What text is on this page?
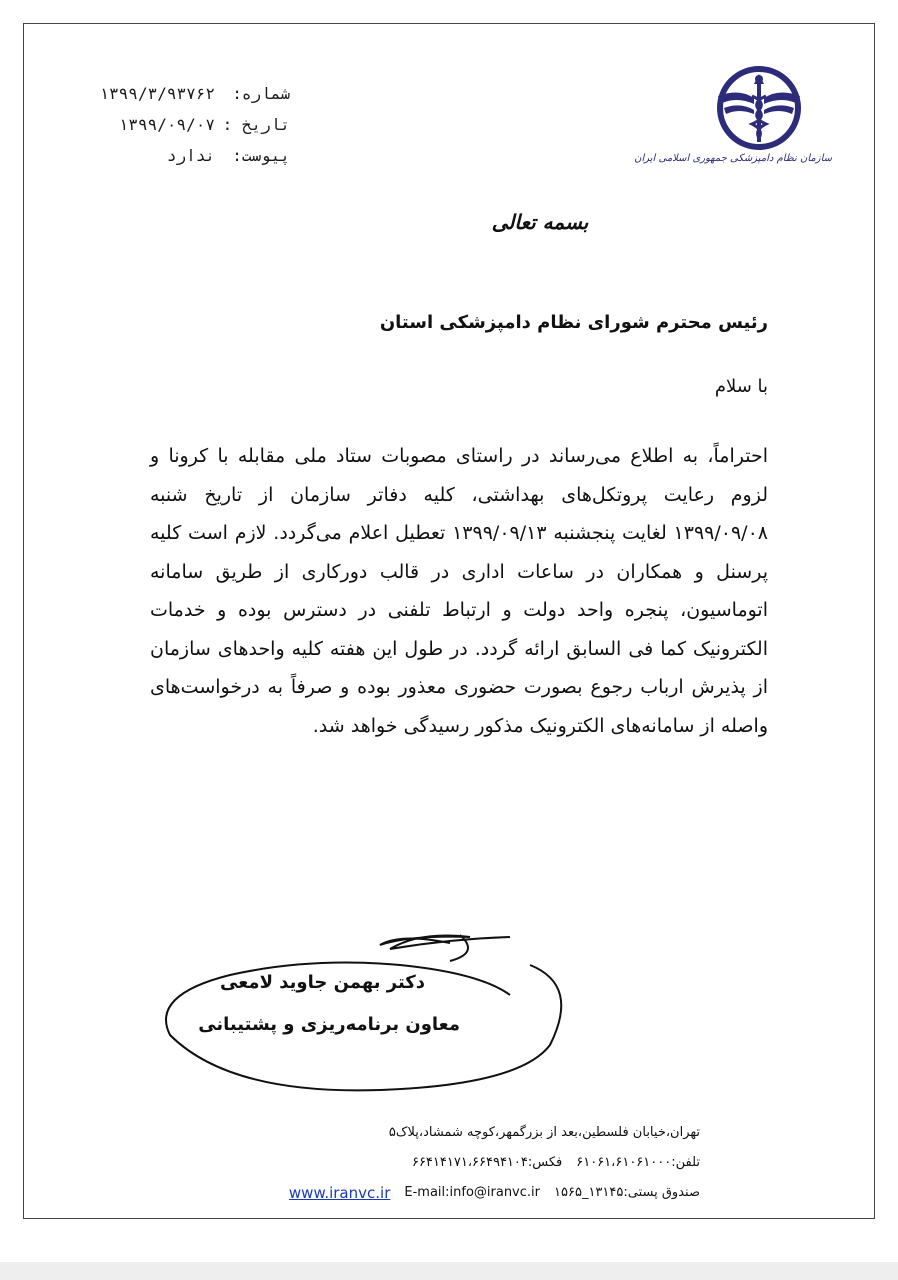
سازمان نظام دامپزشکی جمهوری اسلامی ایران
شماره:
۱۳۹۹/۳/۹۳۷۶۲
تاریخ :
۱۳۹۹/۰۹/۰۷
پیوست:
ندارد
بسمه تعالی
رئیس محترم شورای نظام دامپزشکی استان
با سلام
احتراماً، به اطلاع می‌رساند در راستای مصوبات ستاد ملی مقابله با کرونا و لزوم رعایت پروتکل‌های بهداشتی، کلیه دفاتر سازمان از تاریخ شنبه ۱۳۹۹/۰۹/۰۸ لغایت پنجشنبه ۱۳۹۹/۰۹/۱۳ تعطیل اعلام می‌گردد. لازم است کلیه پرسنل و همکاران در ساعات اداری در قالب دورکاری از طریق سامانه اتوماسیون، پنجره واحد دولت و ارتباط تلفنی در دسترس بوده و خدمات الکترونیک کما فی السابق ارائه گردد. در طول این هفته کلیه واحدهای سازمان از پذیرش ارباب رجوع بصورت حضوری معذور بوده و صرفاً به درخواست‌های واصله از سامانه‌های الکترونیک مذکور رسیدگی خواهد شد.
دکتر بهمن جاوید لامعی
معاون برنامه‌ریزی و پشتیبانی
تهران،خیابان فلسطین،بعد از بزرگمهر،کوچه شمشاد،پلاک۵
تلفن:۶۱۰۶۱،۶۱۰۶۱۰۰۰
فکس:۶۶۴۱۴۱۷۱،۶۶۴۹۴۱۰۴
صندوق پستی:۱۳۱۴۵_۱۵۶۵
E-mail:info@iranvc.ir
www.iranvc.ir
